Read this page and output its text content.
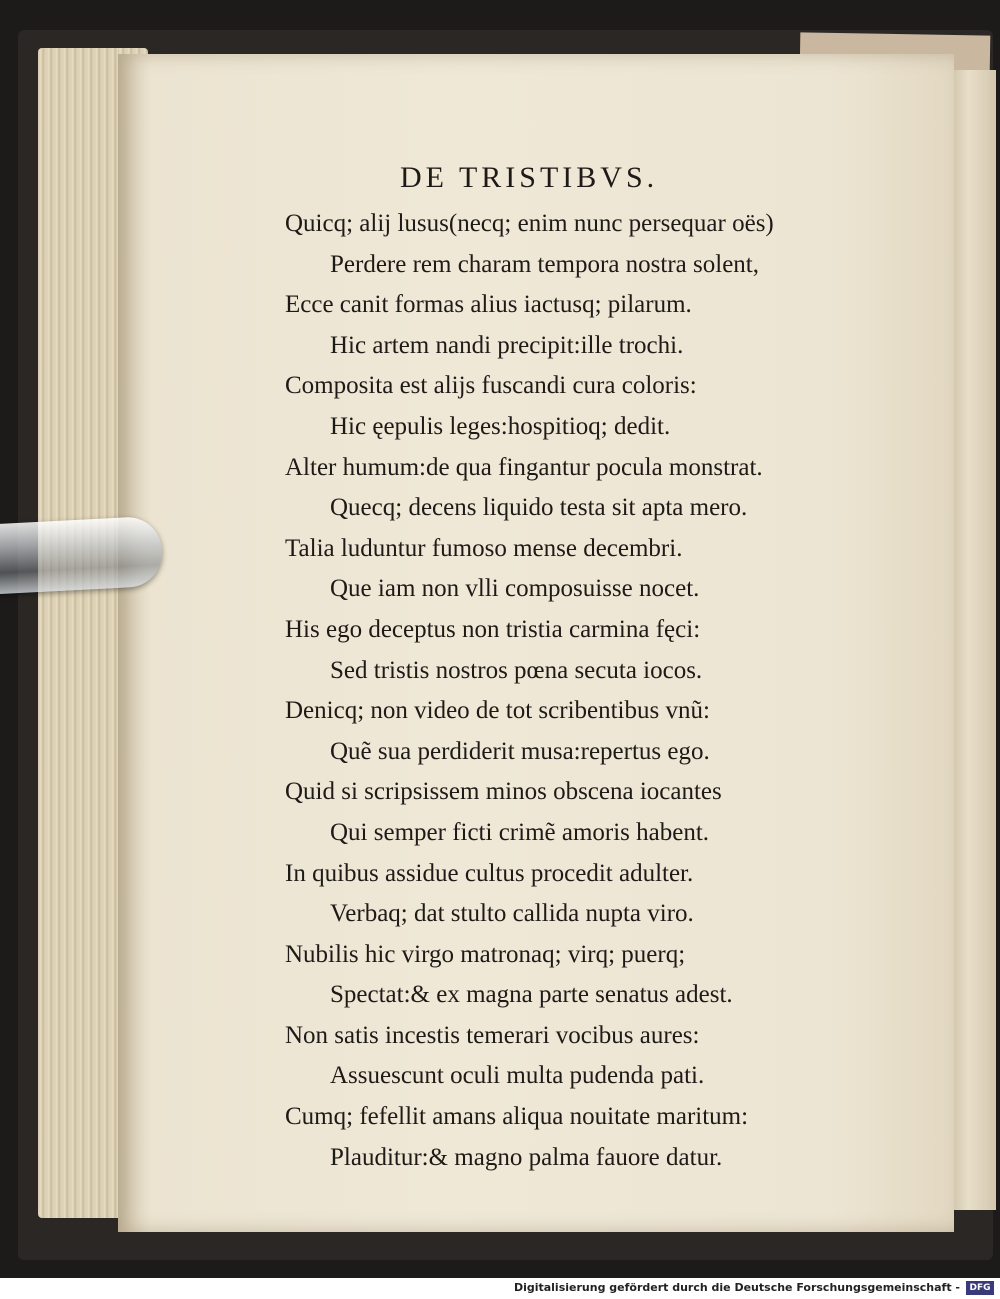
DE TRISTIBVS.
Quicq; alij lusus(necq; enim nunc persequar oës)
Perdere rem charam tempora nostra solent,
Ecce canit formas alius iactusq; pilarum.
Hic artem nandi precipit:ille trochi.
Composita est alijs fuscandi cura coloris:
Hic ęepulis leges:hospitioq; dedit.
Alter humum:de qua fingantur pocula monstrat.
Quecq; decens liquido testa sit apta mero.
Talia luduntur fumoso mense decembri.
Que iam non vlli composuisse nocet.
His ego deceptus non tristia carmina fęci:
Sed tristis nostros pœna secuta iocos.
Denicq; non video de tot scribentibus vnũ:
Quẽ sua perdiderit musa:repertus ego.
Quid si scripsissem minos obscena iocantes
Qui semper ficti crimẽ amoris habent.
In quibus assidue cultus procedit adulter.
Verbaq; dat stulto callida nupta viro.
Nubilis hic virgo matronaq; virq; puerq;
Spectat:& ex magna parte senatus adest.
Non satis incestis temerari vocibus aures:
Assuescunt oculi multa pudenda pati.
Cumq; fefellit amans aliqua nouitate maritum:
Plauditur:& magno palma fauore datur.
Digitalisierung gefördert durch die Deutsche Forschungsgemeinschaft -	DFG
